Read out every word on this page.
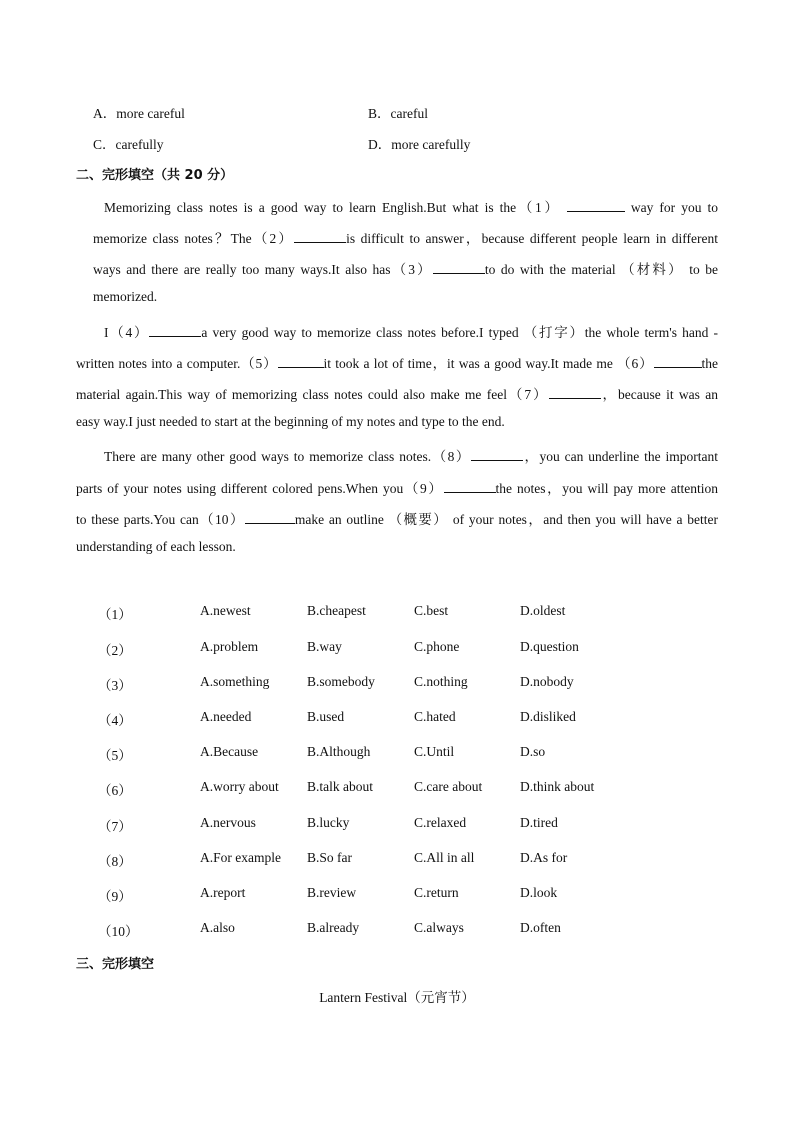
A．more careful	B．careful
C．carefully	D．more carefully
二、完形填空（共 20 分）
Memorizing class notes is a good way to learn English.But what is the（1）	way for you to
memorize class notes？The（2）	is difficult to answer，because different people learn in different
ways and there are really too many ways.It also has（3）	to do with the material （材料） to be
memorized.
I（4）	a very good way to memorize class notes before.I typed （打字）the whole term's hand -
written notes into a computer.（5）	it took a lot of time，it was a good way.It made me （6）	the
material again.This way of memorizing class notes could also make me feel（7）	，because it was an
easy way.I just needed to start at the beginning of my notes and type to the end.
There are many other good ways to memorize class notes.（8）	，you can underline the important
parts of your notes using different colored pens.When you（9）	the notes，you will pay more attention
to these parts.You can（10）	make an outline （概要） of your notes，and then you will have a better
understanding of each lesson.
（1）	A.newest	B.cheapest	C.best	D.oldest
（2）	A.problem	B.way	C.phone	D.question
（3）	A.something	B.somebody	C.nothing	D.nobody
（4）	A.needed	B.used	C.hated	D.disliked
（5）	A.Because	B.Although	C.Until	D.so
（6）	A.worry about B.talk about	C.care about	D.think about
（7）	A.nervous	B.lucky	C.relaxed	D.tired
（8）	A.For example B.So far	C.All in all	D.As for
（9）	A.report	B.review	C.return	D.look
（10）	A.also	B.already	C.always	D.often
三、完形填空
Lantern Festival（元宵节）
